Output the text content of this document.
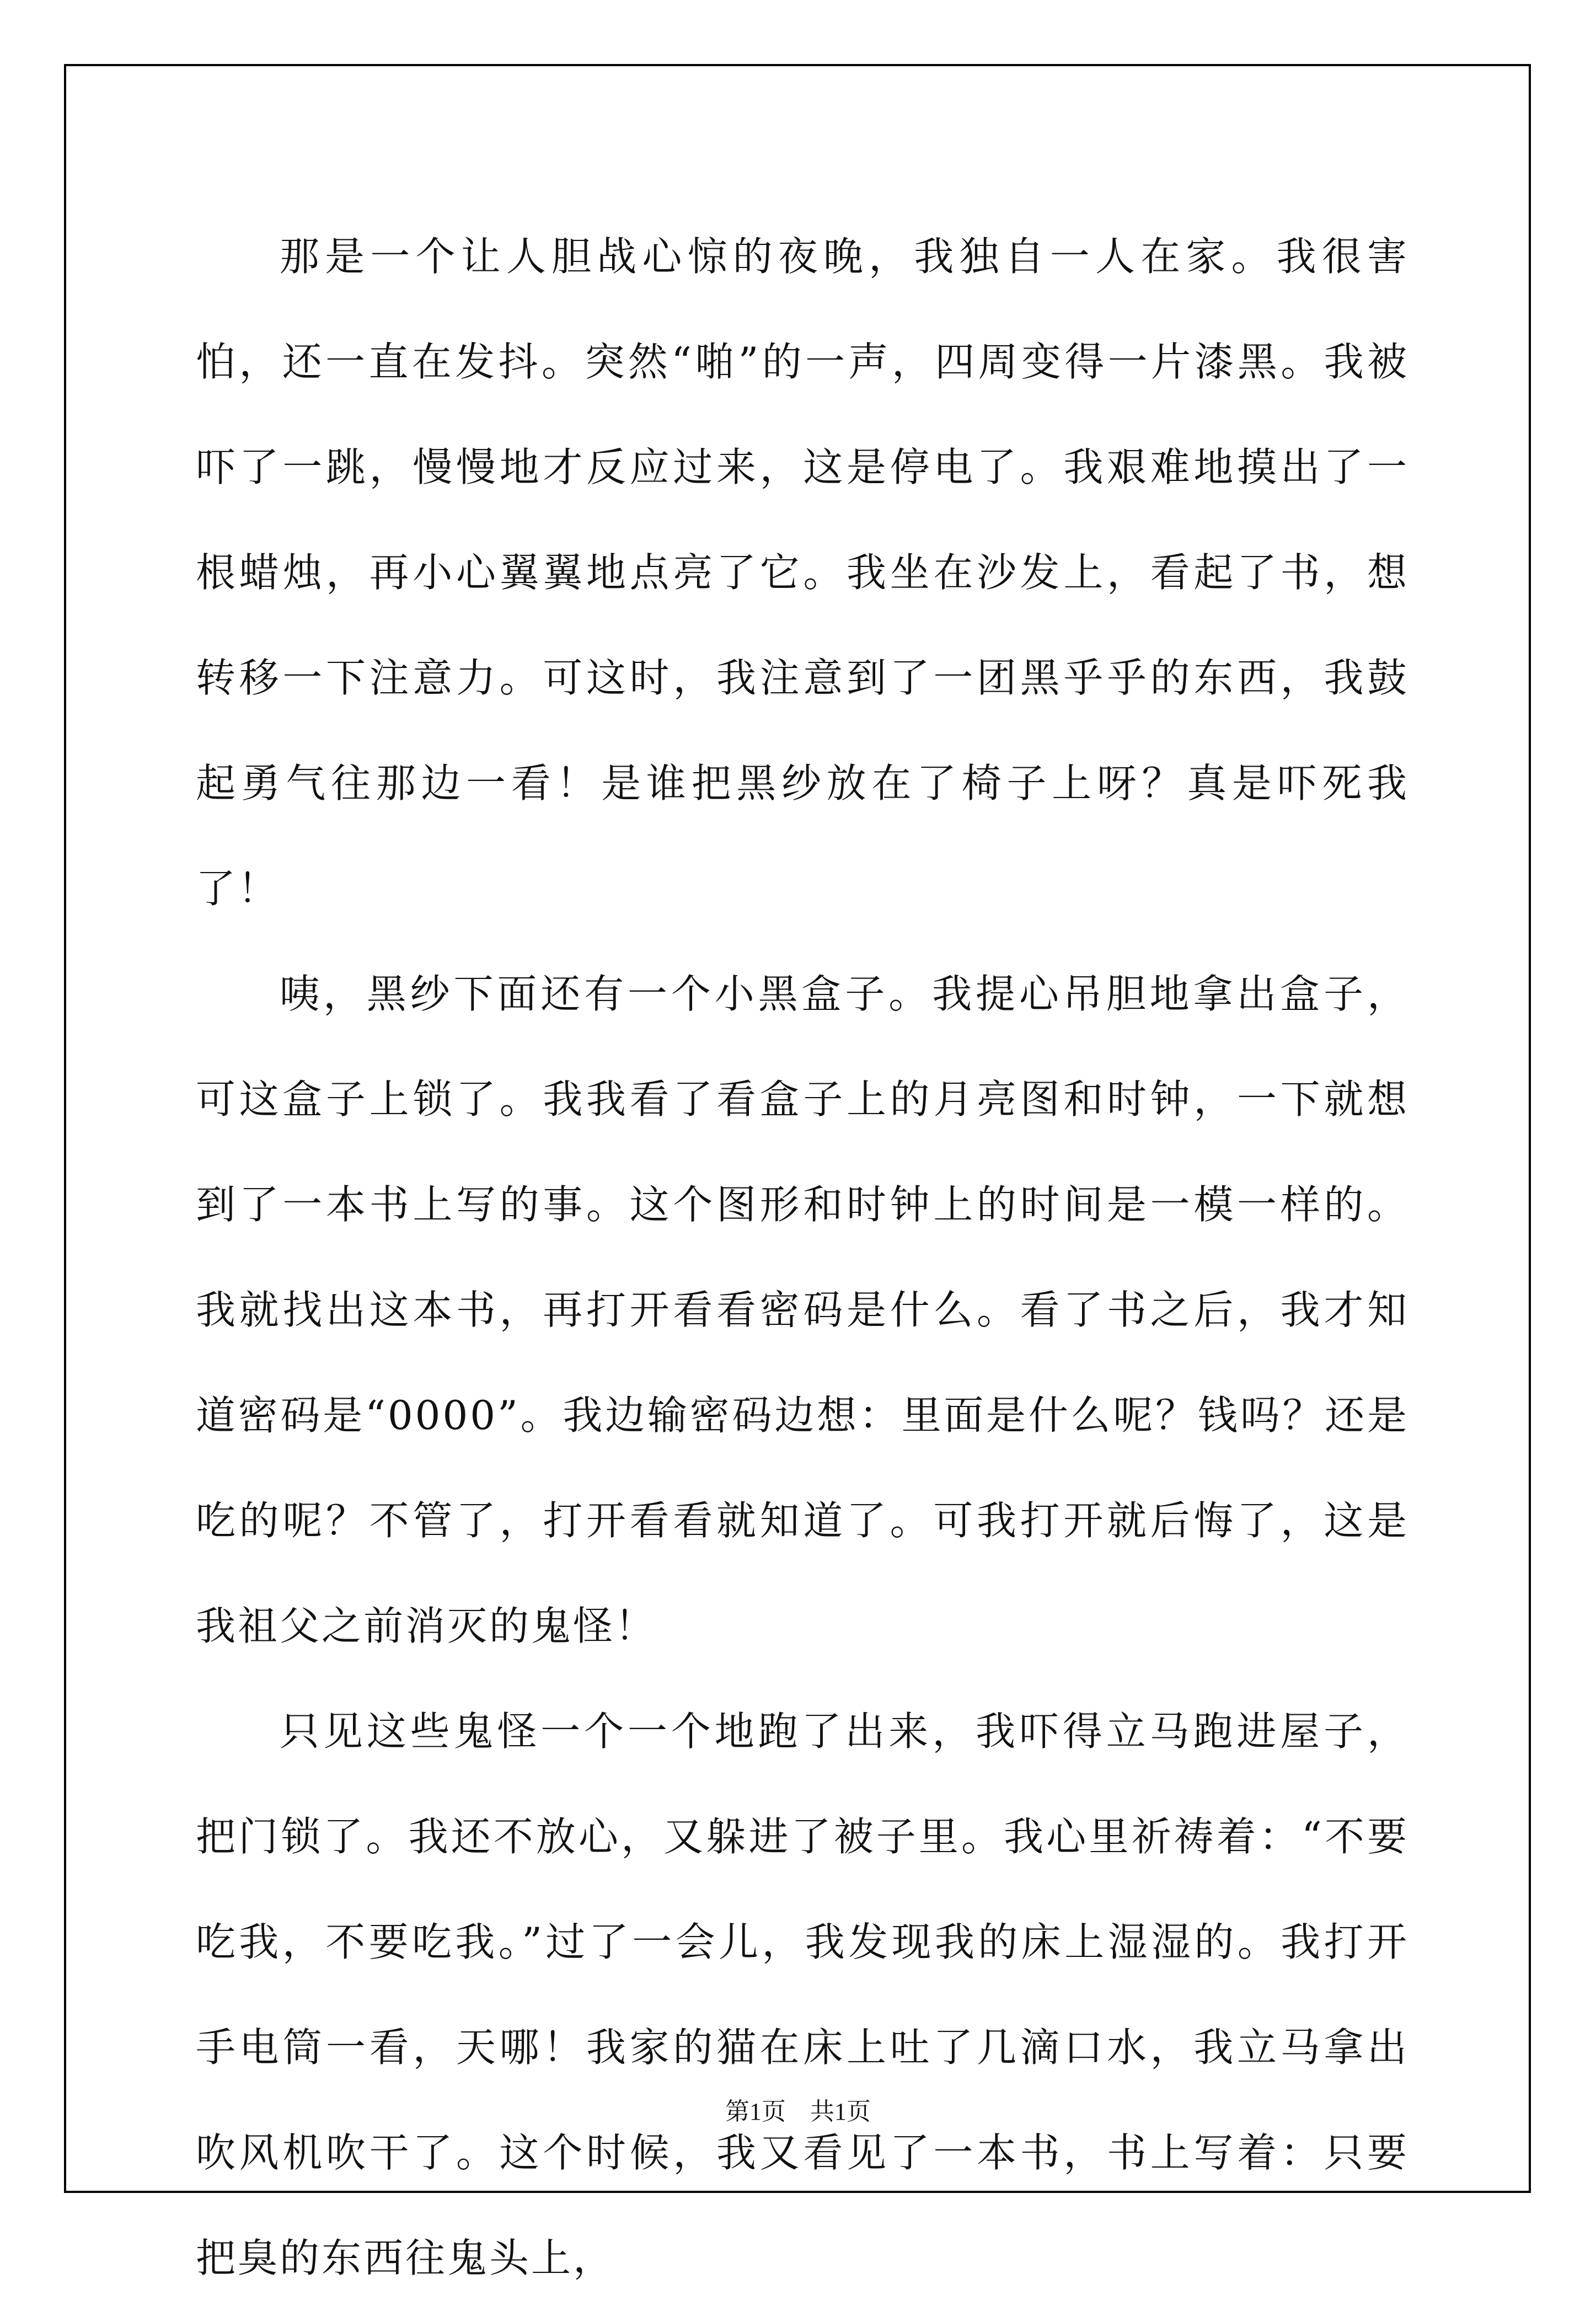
那是一个让人胆战心惊的夜晚，我独自一人在家。我很害怕，还一直在发抖。突然“啪”的一声，四周变得一片漆黑。我被吓了一跳，慢慢地才反应过来，这是停电了。我艰难地摸出了一根蜡烛，再小心翼翼地点亮了它。我坐在沙发上，看起了书，想转移一下注意力。可这时，我注意到了一团黑乎乎的东西，我鼓起勇气往那边一看！是谁把黑纱放在了椅子上呀？真是吓死我了！

咦，黑纱下面还有一个小黑盒子。我提心吊胆地拿出盒子，可这盒子上锁了。我我看了看盒子上的月亮图和时钟，一下就想到了一本书上写的事。这个图形和时钟上的时间是一模一样的。我就找出这本书，再打开看看密码是什么。看了书之后，我才知道密码是“0000”。我边输密码边想：里面是什么呢？钱吗？还是吃的呢？不管了，打开看看就知道了。可我打开就后悔了，这是我祖父之前消灭的鬼怪！

只见这些鬼怪一个一个地跑了出来，我吓得立马跑进屋子，把门锁了。我还不放心，又躲进了被子里。我心里祈祷着：“不要吃我，不要吃我。”过了一会儿，我发现我的床上湿湿的。我打开手电筒一看，天哪！我家的猫在床上吐了几滴口水，我立马拿出吹风机吹干了。这个时候，我又看见了一本书，书上写着：只要把臭的东西往鬼头上，

第1页　共1页
